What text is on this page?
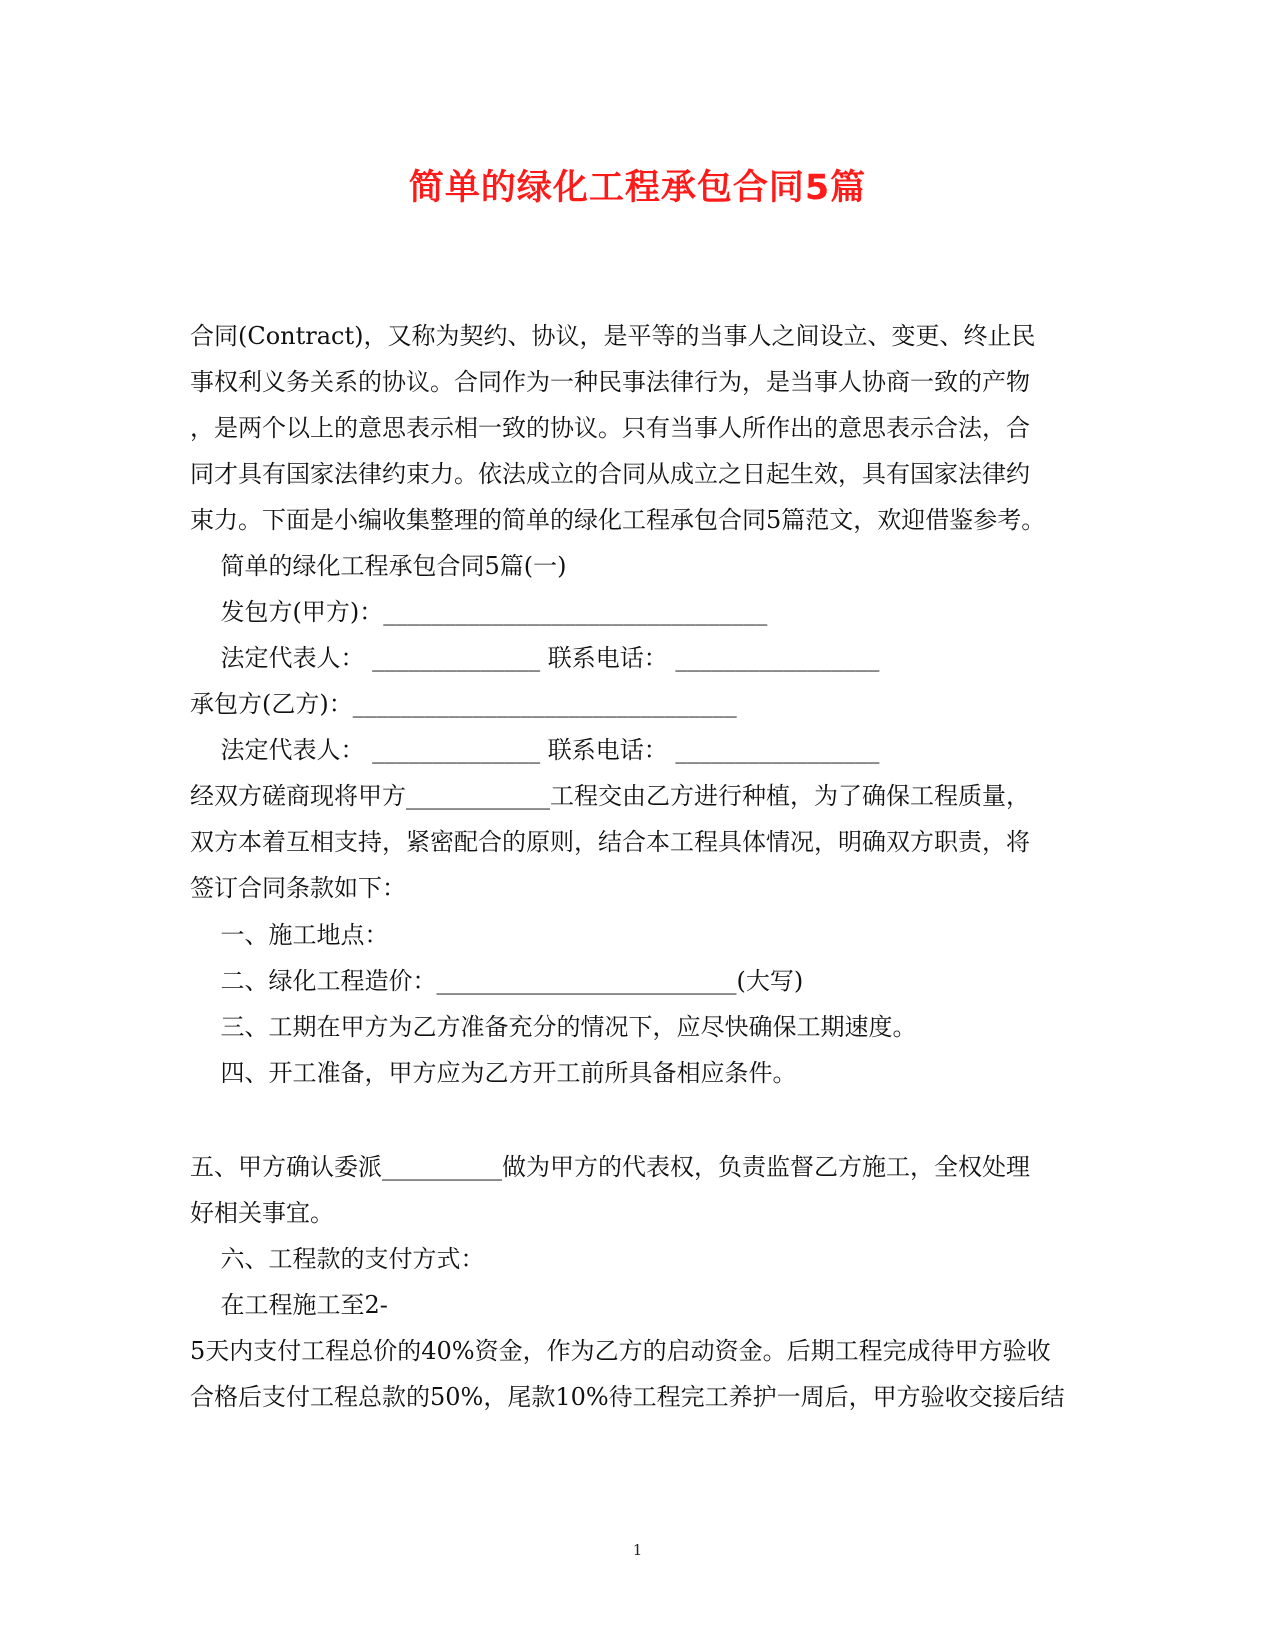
简单的绿化工程承包合同5篇
合同(Contract)，又称为契约、协议，是平等的当事人之间设立、变更、终止民
事权利义务关系的协议。合同作为一种民事法律行为，是当事人协商一致的产物
，是两个以上的意思表示相一致的协议。只有当事人所作出的意思表示合法，合
同才具有国家法律约束力。依法成立的合同从成立之日起生效，具有国家法律约
束力。下面是小编收集整理的简单的绿化工程承包合同5篇范文，欢迎借鉴参考。
简单的绿化工程承包合同5篇(一)
发包方(甲方)：________________________________
法定代表人： ______________ 联系电话： _________________
承包方(乙方)：________________________________
法定代表人： ______________ 联系电话： _________________
经双方磋商现将甲方____________工程交由乙方进行种植，为了确保工程质量，
双方本着互相支持，紧密配合的原则，结合本工程具体情况，明确双方职责，将
签订合同条款如下：
一、施工地点：
二、绿化工程造价：_________________________(大写)
三、工期在甲方为乙方准备充分的情况下，应尽快确保工期速度。
四、开工准备，甲方应为乙方开工前所具备相应条件。
五、甲方确认委派__________做为甲方的代表权，负责监督乙方施工，全权处理
好相关事宜。
六、工程款的支付方式：
在工程施工至2-
5天内支付工程总价的40%资金，作为乙方的启动资金。后期工程完成待甲方验收
合格后支付工程总款的50%，尾款10%待工程完工养护一周后，甲方验收交接后结
1
